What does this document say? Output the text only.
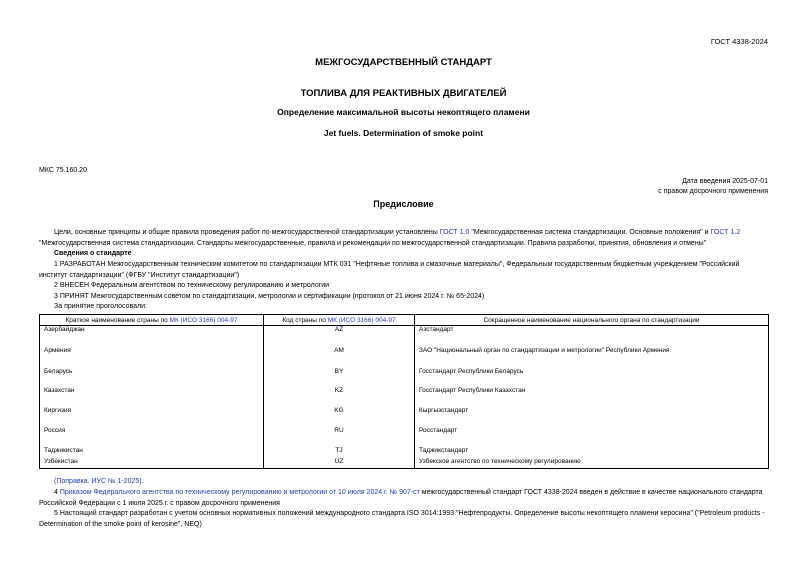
ГОСТ 4338-2024
МЕЖГОСУДАРСТВЕННЫЙ СТАНДАРТ
ТОПЛИВА ДЛЯ РЕАКТИВНЫХ ДВИГАТЕЛЕЙ
Определение максимальной высоты некоптящего пламени
Jet fuels. Determination of smoke point
МКС 75.160.20
Дата введения 2025-07-01
с правом досрочного применения
Предисловие
Цели, основные принципы и общие правила проведения работ по межгосударственной стандартизации установлены ГОСТ 1.0 "Межгосударственная система стандартизации. Основные положения" и ГОСТ 1.2 "Межгосударственная система стандартизации. Стандарты межгосударственные, правила и рекомендации по межгосударственной стандартизации. Правила разработки, принятия, обновления и отмены"
Сведения о стандарте
1 РАЗРАБОТАН Межгосударственным техническим комитетом по стандартизации МТК 031 "Нефтяные топлива и смазочные материалы", Федеральным государственным бюджетным учреждением "Российский институт стандартизации" (ФГБУ "Институт стандартизации")
2 ВНЕСЕН Федеральным агентством по техническому регулированию и метрологии
3 ПРИНЯТ Межгосударственным советом по стандартизации, метрологии и сертификации (протокол от 21 июня 2024 г. № 65-2024)
За принятие проголосовали:
Краткое наименование страны по МК (ИСО 3166) 004-97	Код страны по МК (ИСО 3166) 004-97	Сокращенное наименование национального органа по стандартизации
Азербайджан	AZ	Азстандарт
Армения	AM	ЗАО "Национальный орган по стандартизации и метрологии" Республики Армения
Беларусь	BY	Госстандарт Республики Беларусь
Казахстан	KZ	Госстандарт Республики Казахстан
Киргизия	KG	Кыргызстандарт
Россия	RU	Росстандарт
Таджикистан	TJ	Таджикстандарт
Узбекистан	UZ	Узбекское агентство по техническому регулированию
(Поправка. ИУС № 1-2025).
4 Приказом Федерального агентства по техническому регулированию и метрологии от 10 июля 2024 г. № 907-ст межгосударственный стандарт ГОСТ 4338-2024 введен в действие в качестве национального стандарта Российской Федерации с 1 июля 2025 г. с правом досрочного применения
5 Настоящий стандарт разработан с учетом основных нормативных положений международного стандарта ISO 3014:1993 "Нефтепродукты. Определение высоты некоптящего пламени керосина" ("Petroleum products - Determination of the smoke point of kerosine", NEQ)
